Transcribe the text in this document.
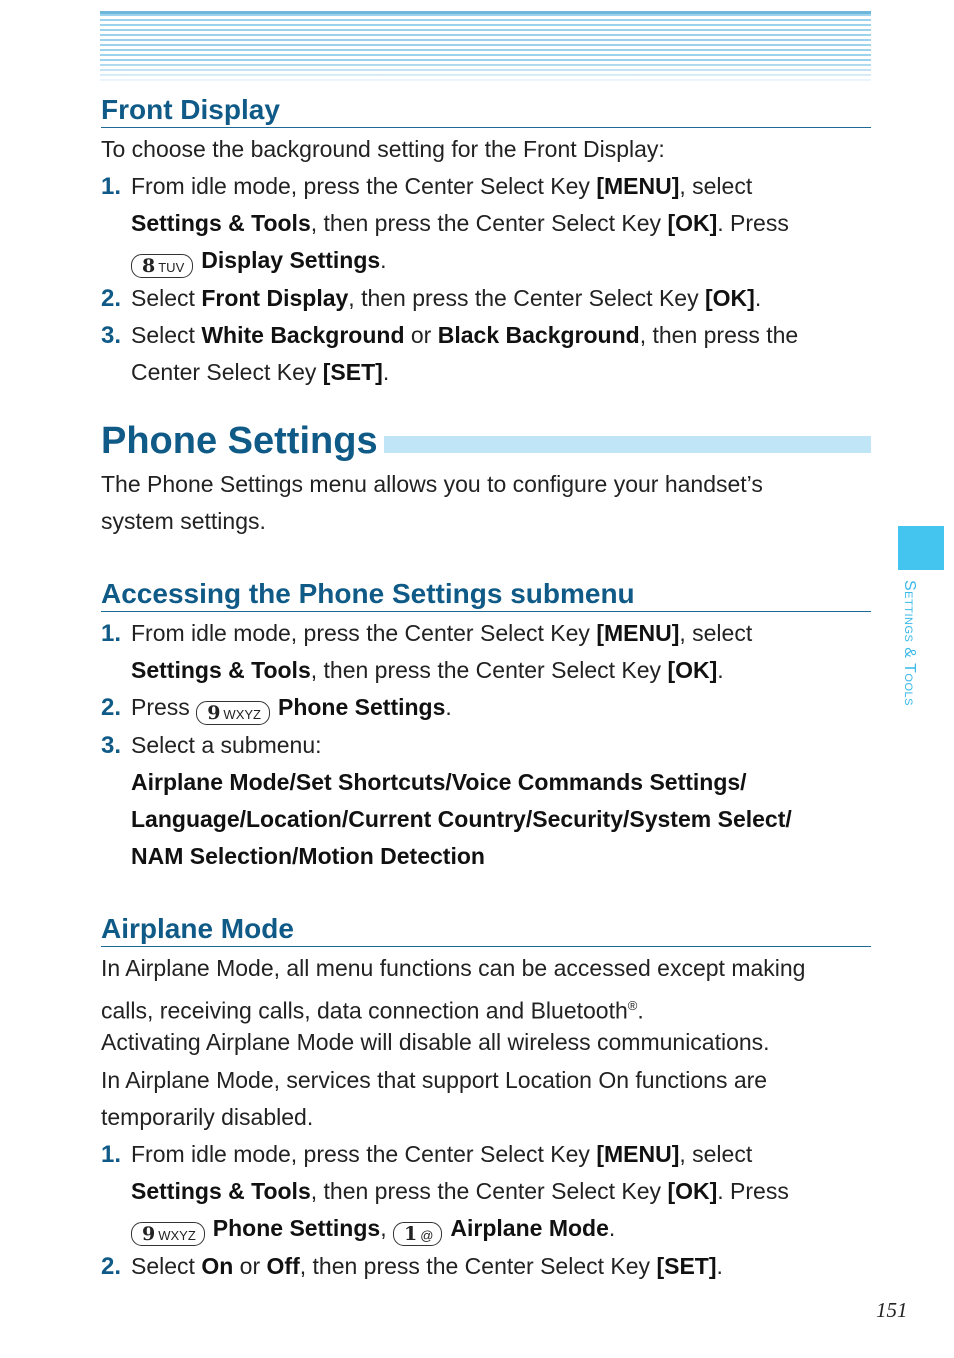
Front Display
To choose the background setting for the Front Display:
1. From idle mode, press the Center Select Key [MENU], select
Settings & Tools, then press the Center Select Key [OK]. Press
8 TUV Display Settings.
2. Select Front Display, then press the Center Select Key [OK].
3. Select White Background or Black Background, then press the
Center Select Key [SET].
Phone Settings
The Phone Settings menu allows you to configure your handset’s
system settings.
Accessing the Phone Settings submenu
1. From idle mode, press the Center Select Key [MENU], select
Settings & Tools, then press the Center Select Key [OK].
2. Press 9 WXYZ Phone Settings.
3. Select a submenu:
Airplane Mode/Set Shortcuts/Voice Commands Settings/
Language/Location/Current Country/Security/System Select/
NAM Selection/Motion Detection
Airplane Mode
In Airplane Mode, all menu functions can be accessed except making
calls, receiving calls, data connection and Bluetooth®.
Activating Airplane Mode will disable all wireless communications.
In Airplane Mode, services that support Location On functions are
temporarily disabled.
1. From idle mode, press the Center Select Key [MENU], select
Settings & Tools, then press the Center Select Key [OK]. Press
9 WXYZ Phone Settings, 1 @ Airplane Mode.
2. Select On or Off, then press the Center Select Key [SET].
Settings & Tools
151
